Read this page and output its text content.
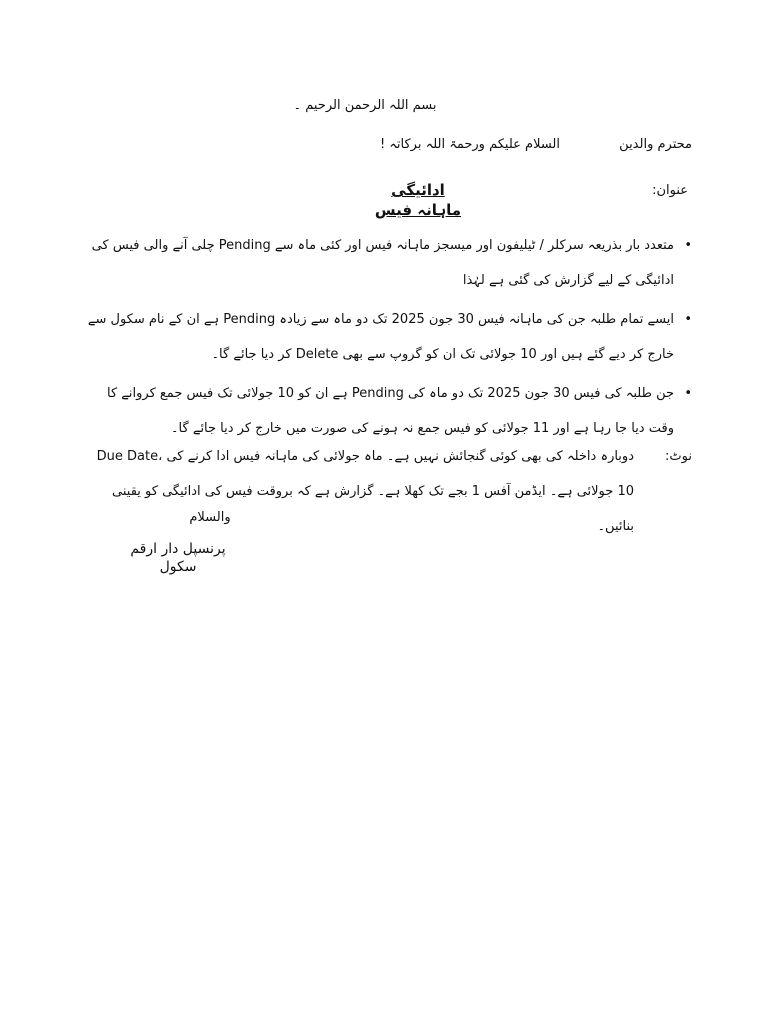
بسم اللہ الرحمن الرحیم ۔
محترم والدین
السلام علیکم ورحمۃ اللہ برکاتہ !
عنوان:
ادائیگی ماہانہ فیس
•
متعدد بار بذریعہ سرکلر / ٹیلیفون اور میسجز ماہانہ فیس اور کئی ماہ سے Pending چلی آنے والی فیس کی ادائیگی کے لیے گزارش کی گئی ہے لہٰذا
•
ایسے تمام طلبہ جن کی ماہانہ فیس 30 جون 2025 تک دو ماہ سے زیادہ Pending ہے ان کے نام سکول سے خارج کر دیے گئے ہیں اور 10 جولائی تک ان کو گروپ سے بھی Delete کر دیا جائے گا۔
•
جن طلبہ کی فیس 30 جون 2025 تک دو ماہ کی Pending ہے ان کو 10 جولائی تک فیس جمع کروانے کا وقت دیا جا رہا ہے اور 11 جولائی کو فیس جمع نہ ہونے کی صورت میں خارج کر دیا جائے گا۔
نوٹ:
دوبارہ داخلہ کی بھی کوئی گنجائش نہیں ہے۔ ماہ جولائی کی ماہانہ فیس ادا کرنے کی Due Date، 10 جولائی ہے۔ ایڈمن آفس 1 بجے تک کھلا ہے۔ گزارش ہے کہ بروقت فیس کی ادائیگی کو یقینی بنائیں۔
والسلام
پرنسپل دار ارقم سکول
